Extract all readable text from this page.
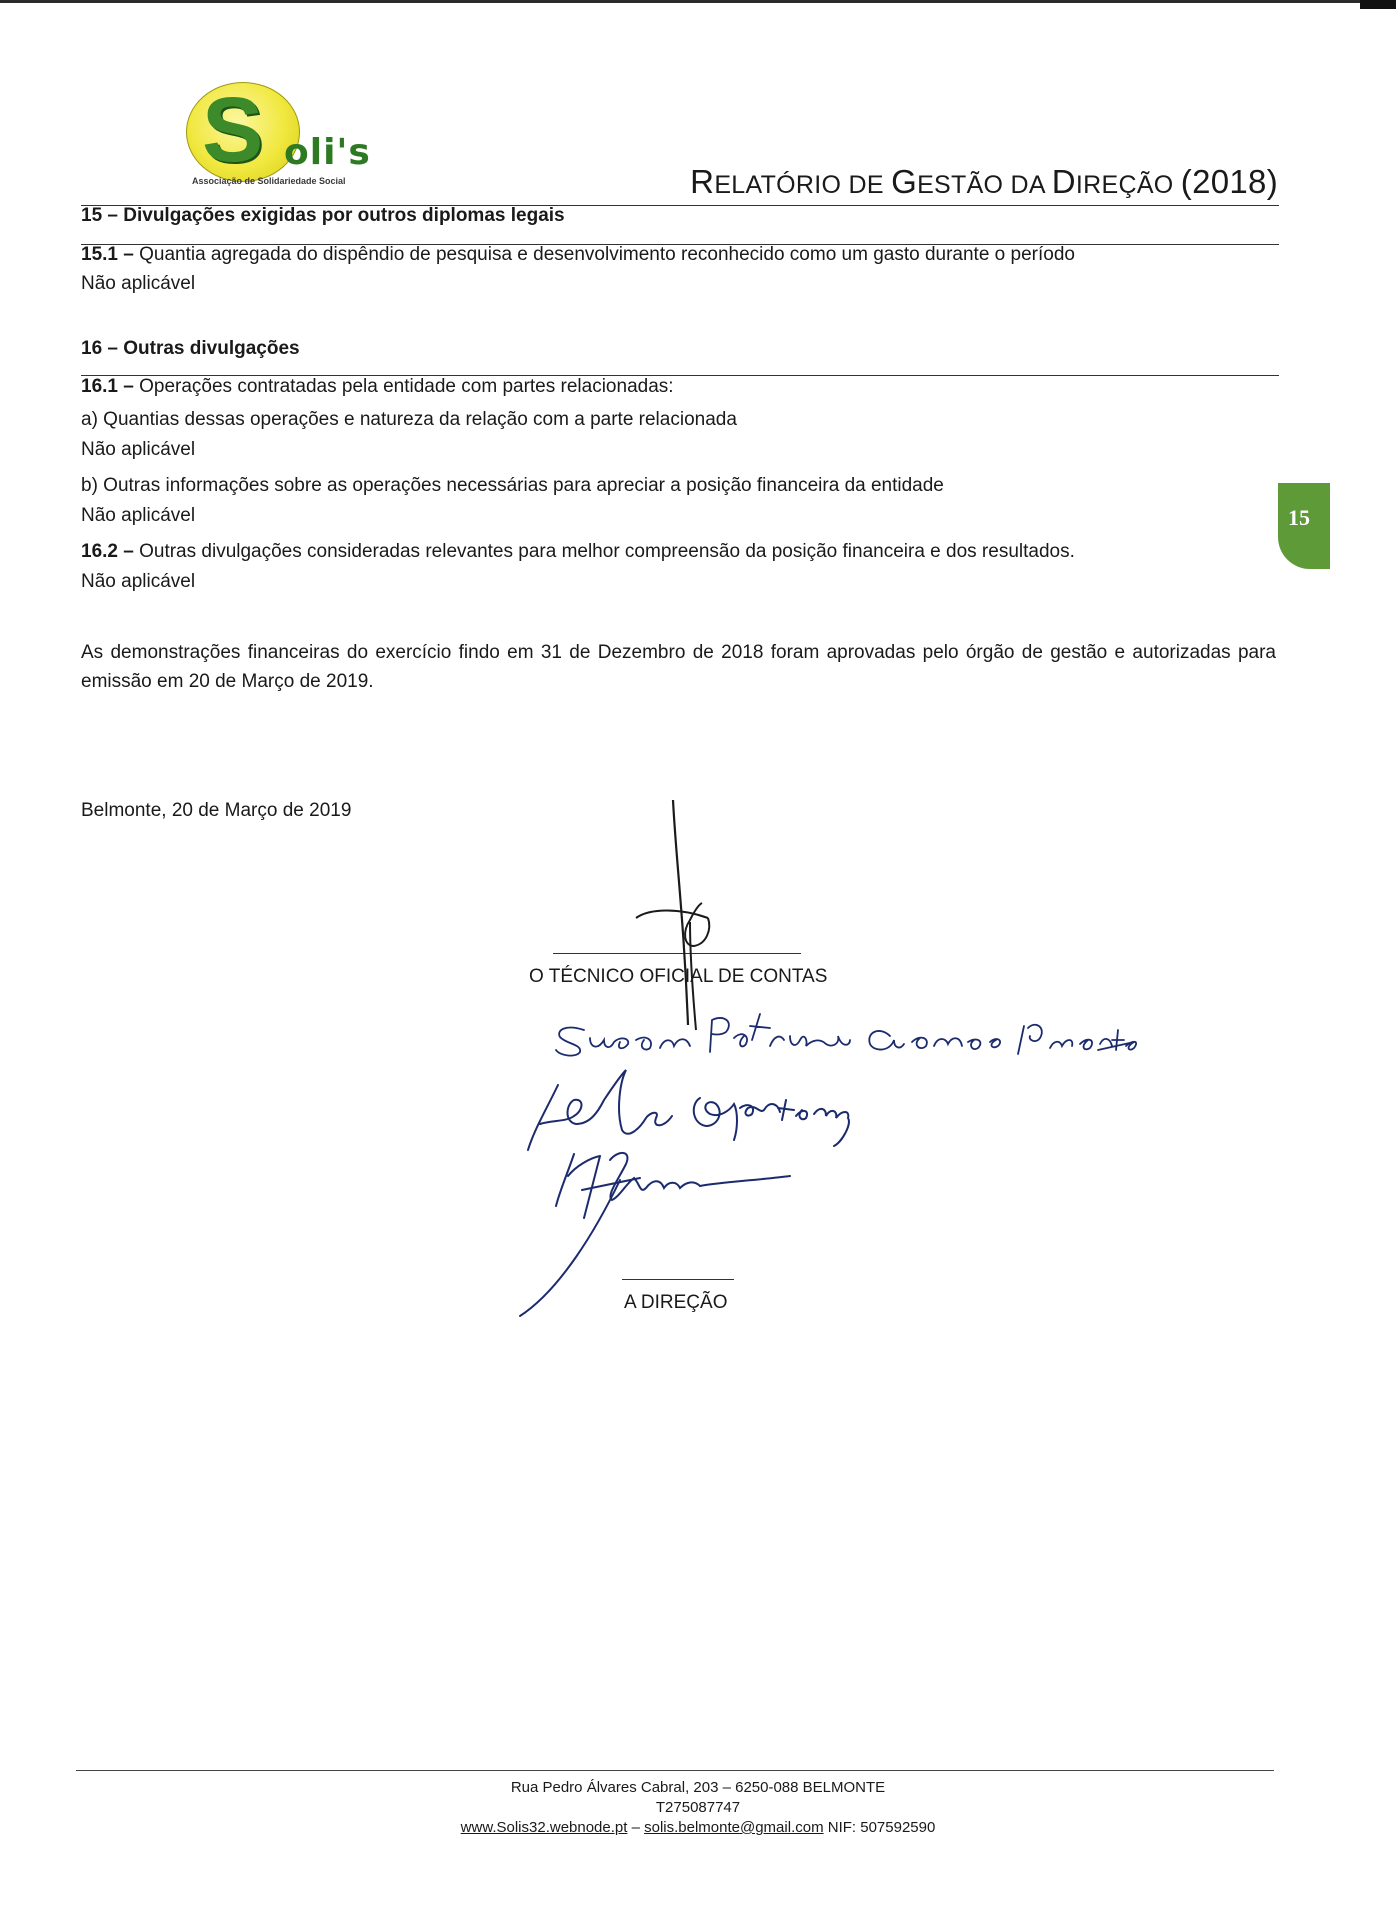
S oli's
Associação de Solidariedade Social	RELATÓRIO DE GESTÃO DA DIREÇÃO (2018)
15 – Divulgações exigidas por outros diplomas legais
15.1 – Quantia agregada do dispêndio de pesquisa e desenvolvimento reconhecido como um gasto durante o período
Não aplicável
16 – Outras divulgações
16.1 – Operações contratadas pela entidade com partes relacionadas:
a) Quantias dessas operações e natureza da relação com a parte relacionada
Não aplicável
b) Outras informações sobre as operações necessárias para apreciar a posição financeira da entidade
Não aplicável
16.2 – Outras divulgações consideradas relevantes para melhor compreensão da posição financeira e dos resultados.
Não aplicável
15
As demonstrações financeiras do exercício findo em 31 de Dezembro de 2018 foram aprovadas pelo órgão de gestão e autorizadas para emissão em 20 de Março de 2019.
Belmonte, 20 de Março de 2019
O TÉCNICO OFICIAL DE CONTAS
A DIREÇÃO
Rua Pedro Álvares Cabral, 203 – 6250-088 BELMONTE
T275087747
www.Solis32.webnode.pt – solis.belmonte@gmail.com NIF: 507592590
